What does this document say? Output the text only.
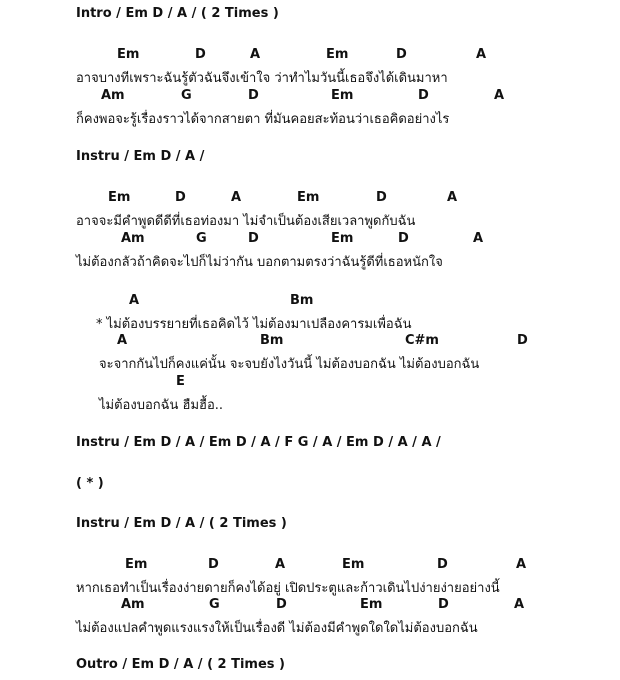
Intro / Em D / A / ( 2 Times )
Em	D	A	Em	D	A
อาจบางทีเพราะฉันรู้ตัวฉันจึงเข้าใจ ว่าทำไมวันนี้เธอจึงได้เดินมาหา
Am	G	D	Em	D	A
ก็คงพอจะรู้เรื่องราวได้จากสายตา ที่มันคอยสะท้อนว่าเธอคิดอย่างไร
Instru / Em D / A /
Em	D	A	Em	D	A
อาจจะมีคำพูดดีดีที่เธอท่องมา ไม่จำเป็นต้องเสียเวลาพูดกับฉัน
Am	G	D	Em	D	A
ไม่ต้องกลัวถ้าคิดจะไปก็ไม่ว่ากัน บอกตามตรงว่าฉันรู้ดีที่เธอหนักใจ
A	Bm
* ไม่ต้องบรรยายที่เธอคิดไว้ ไม่ต้องมาเปลืองคารมเพื่อฉัน
A	Bm	C#m	D
จะจากกันไปก็คงแค่นั้น จะจบยังไงวันนี้ ไม่ต้องบอกฉัน ไม่ต้องบอกฉัน
E
ไม่ต้องบอกฉัน ฮืมฮื้อ..
Instru / Em D / A / Em D / A / F G / A / Em D / A / A /
( * )
Instru / Em D / A / ( 2 Times )
Em	D	A	Em	D	A
หากเธอทำเป็นเรื่องง่ายดายก็คงได้อยู่ เปิดประตูและก้าวเดินไปง่ายง่ายอย่างนี้
Am	G	D	Em	D	A
ไม่ต้องแปลคำพูดแรงแรงให้เป็นเรื่องดี ไม่ต้องมีคำพูดใดใดไม่ต้องบอกฉัน
Outro / Em D / A / ( 2 Times )
